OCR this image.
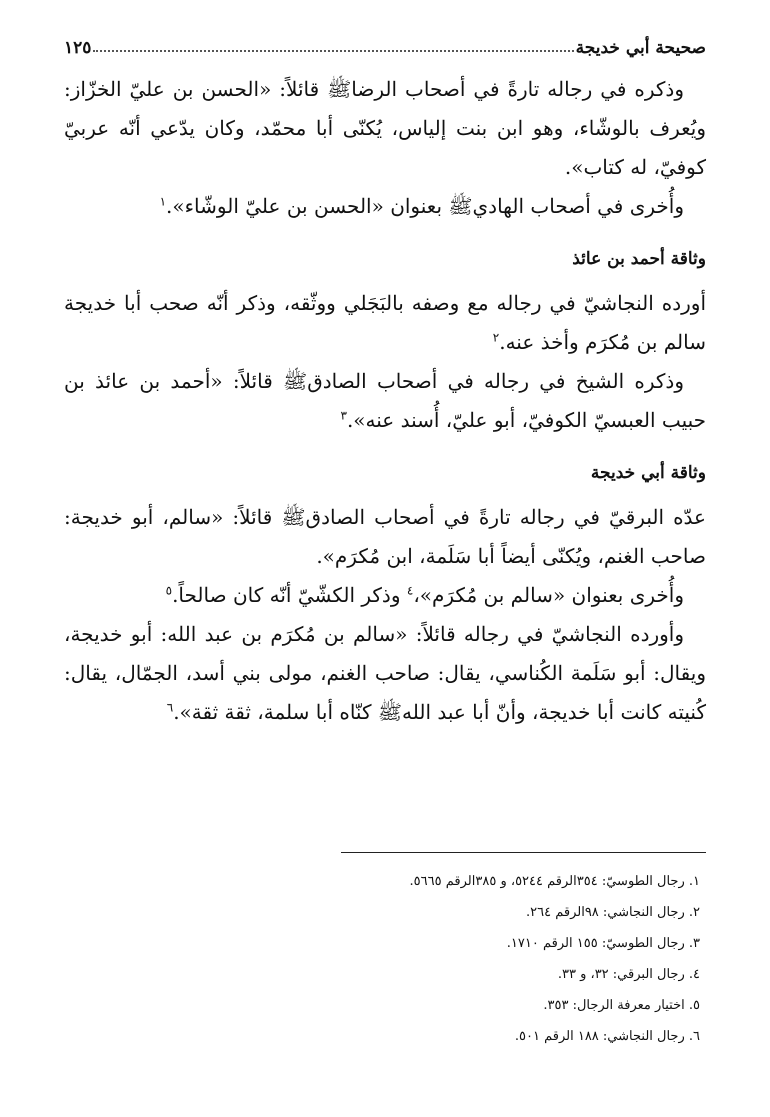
صحيحة أبي خديجة
١٢٥

وذكره في رجاله تارةً في أصحاب الرضاﷺ قائلاً: «الحسن بن عليّ الخزّاز: ويُعرف بالوشّاء، وهو ابن بنت إلياس، يُكنّى أبا محمّد، وكان يدّعي أنّه عربيّ كوفيّ، له كتاب».

وأُخرى في أصحاب الهاديﷺ بعنوان «الحسن بن عليّ الوشّاء».$^١$

وثاقة أحمد بن عائذ

أورده النجاشيّ في رجاله مع وصفه بالبَجَلي ووثّقه، وذكر أنّه صحب أبا خديجة سالم بن مُكرَم وأخذ عنه.$^٢$

وذكره الشيخ في رجاله في أصحاب الصادقﷺ قائلاً: «أحمد بن عائذ بن حبيب العبسيّ الكوفيّ، أبو عليّ، أُسند عنه».$^٣$

وثاقة أبي خديجة

عدّه البرقيّ في رجاله تارةً في أصحاب الصادقﷺ قائلاً: «سالم، أبو خديجة: صاحب الغنم، ويُكنّى أيضاً أبا سَلَمة، ابن مُكرَم».

وأُخرى بعنوان «سالم بن مُكرَم»،$^٤$ وذكر الكشّيّ أنّه كان صالحاً.$^٥$

وأورده النجاشيّ في رجاله قائلاً: «سالم بن مُكرَم بن عبد الله: أبو خديجة، ويقال: أبو سَلَمة الكُناسي، يقال: صاحب الغنم، مولى بني أسد، الجمّال، يقال: كُنيته كانت أبا خديجة، وأنّ أبا عبد اللهﷺ كنّاه أبا سلمة، ثقة ثقة».$^٦$

١. رجال الطوسيّ: ٣٥٤الرقم ٥٢٤٤، و ٣٨٥الرقم ٥٦٦٥.
٢. رجال النجاشي: ٩٨الرقم ٢٦٤.
٣. رجال الطوسيّ: ١٥٥ الرقم ١٧١٠.
٤. رجال البرقي: ٣٢، و ٣٣.
٥. اختيار معرفة الرجال: ٣٥٣.
٦. رجال النجاشي: ١٨٨ الرقم ٥٠١.
